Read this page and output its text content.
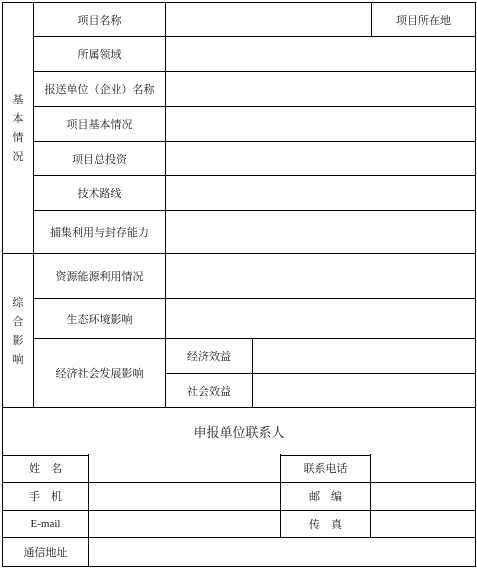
基
本
情
况	项目名称			项目所在地
	所属领域			
	报送单位（企业）名称			
	项目基本情况			
	项目总投资			
	技术路线			
	捕集利用与封存能力			

综
合
影
响	资源能源利用情况			
	生态环境影响			
	经济社会发展影响	经济效益		
		社会效益		

申报单位联系人				
姓　名		联系电话	
手　机		邮　编	
E-mail		传　真	
通信地址			
